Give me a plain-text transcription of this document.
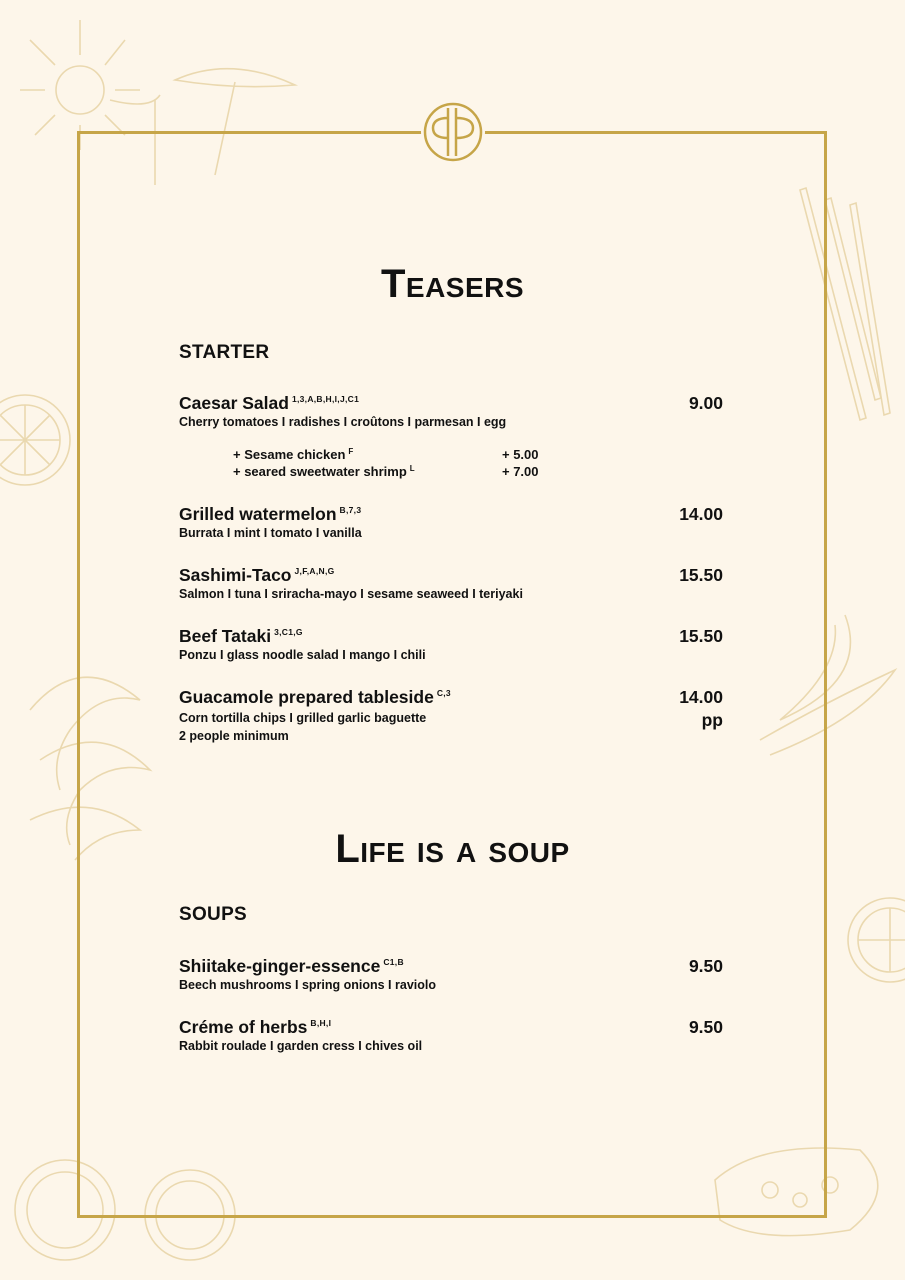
Teasers
STARTER
Caesar Salad $^{1,3,A,B,H,I,J,C1}$	9.00
Cherry tomatoes I radishes I croûtons I parmesan I egg
+ Sesame chicken $^F$	+ 5.00
+ seared sweetwater shrimp $^L$	+ 7.00
Grilled watermelon $^{B,7,3}$	14.00
Burrata I mint I tomato I vanilla
Sashimi-Taco $^{J,F,A,N,G}$	15.50
Salmon I tuna I sriracha-mayo I sesame seaweed I teriyaki
Beef Tataki $^{3,C1,G}$	15.50
Ponzu I glass noodle salad I mango I chili
Guacamole prepared tableside $^{C,3}$	14.00
pp
Corn tortilla chips I grilled garlic baguette
2 people minimum
Life is a soup
SOUPS
Shiitake-ginger-essence $^{C1,B}$	9.50
Beech mushrooms I spring onions I raviolo
Créme of herbs $^{B,H,I}$	9.50
Rabbit roulade I garden cress I chives oil
